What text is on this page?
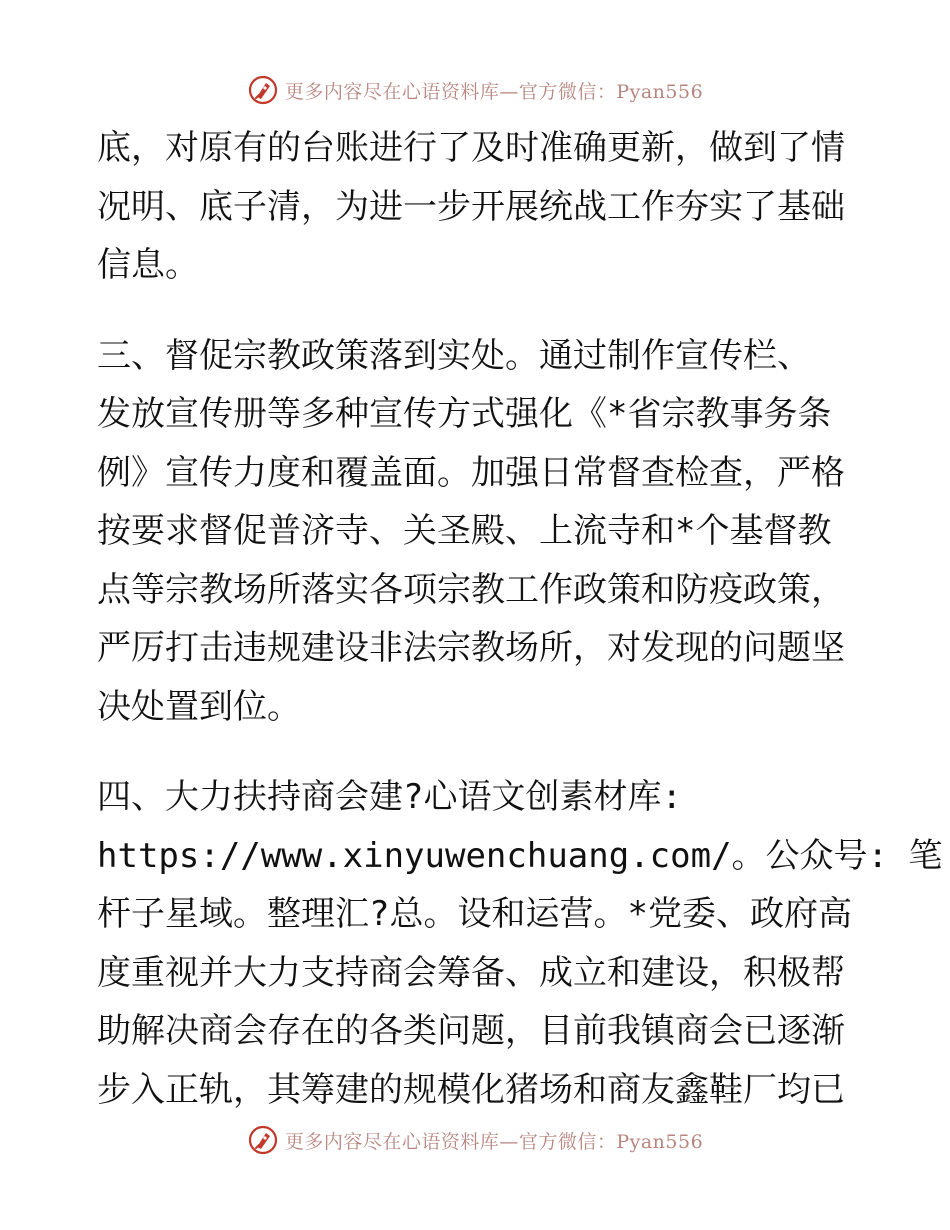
更多内容尽在心语资料库—官方微信：Pyan556
底，对原有的台账进行了及时准确更新，做到了情
况明、底子清，为进一步开展统战工作夯实了基础
信息。
三、督促宗教政策落到实处。通过制作宣传栏、
发放宣传册等多种宣传方式强化《*省宗教事务条
例》宣传力度和覆盖面。加强日常督查检查，严格
按要求督促普济寺、关圣殿、上流寺和*个基督教
点等宗教场所落实各项宗教工作政策和防疫政策，
严厉打击违规建设非法宗教场所，对发现的问题坚
决处置到位。
四、大力扶持商会建?心语文创素材库:
https://www.xinyuwenchuang.com/。公众号: 笔
杆子星域。整理汇?总。设和运营。*党委、政府高
度重视并大力支持商会筹备、成立和建设，积极帮
助解决商会存在的各类问题，目前我镇商会已逐渐
步入正轨，其筹建的规模化猪场和商友鑫鞋厂均已
更多内容尽在心语资料库—官方微信：Pyan556
